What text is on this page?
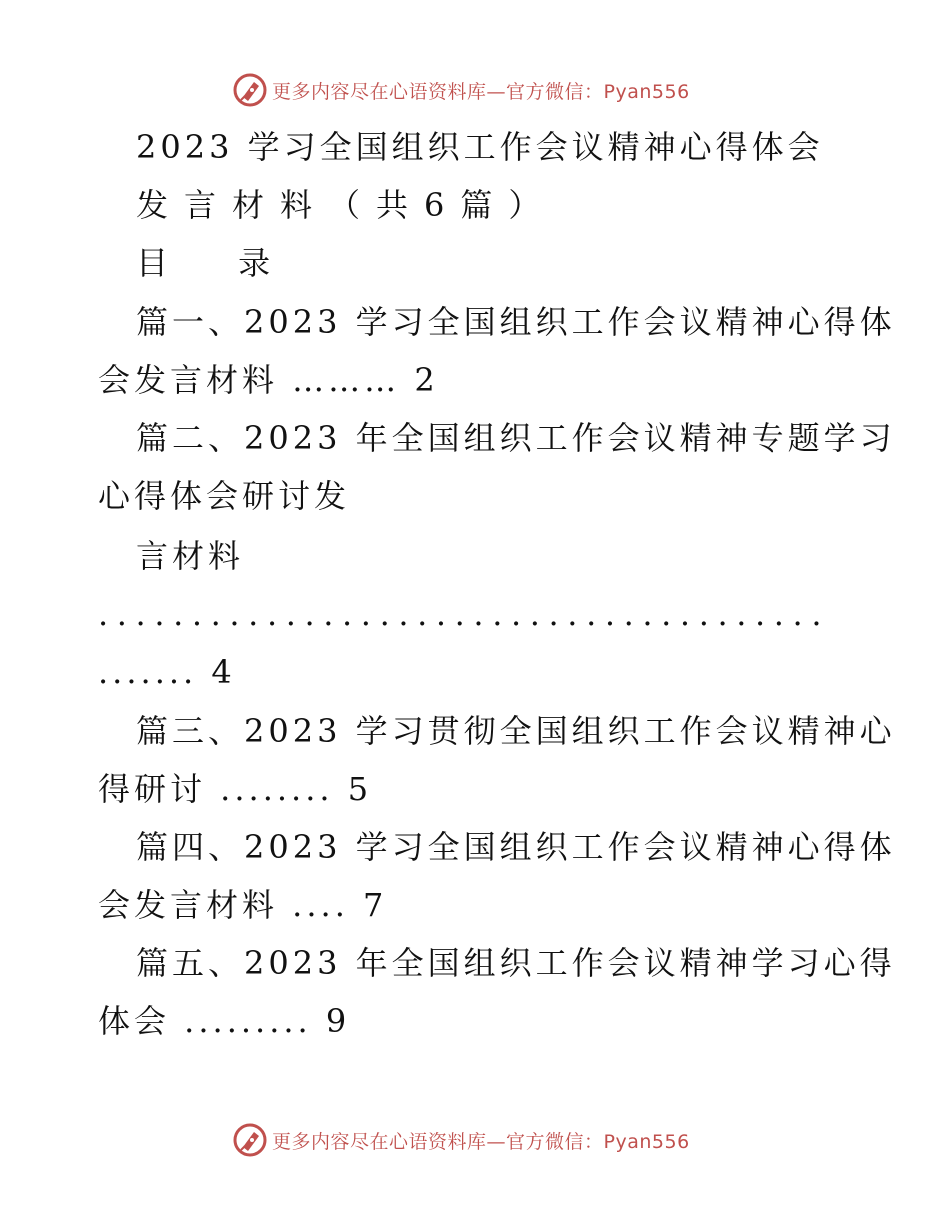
更多内容尽在心语资料库—官方微信：Pyan556
2023 学习全国组织工作会议精神心得体会
发言材料（共6篇）
目 录
篇一、2023 学习全国组织工作会议精神心得体
会发言材料 ……… 2
篇二、2023 年全国组织工作会议精神专题学习
心得体会研讨发
言材料
.......................................
....... 4
篇三、2023 学习贯彻全国组织工作会议精神心
得研讨 ........ 5
篇四、2023 学习全国组织工作会议精神心得体
会发言材料 .... 7
篇五、2023 年全国组织工作会议精神学习心得
体会 ......... 9
更多内容尽在心语资料库—官方微信：Pyan556
